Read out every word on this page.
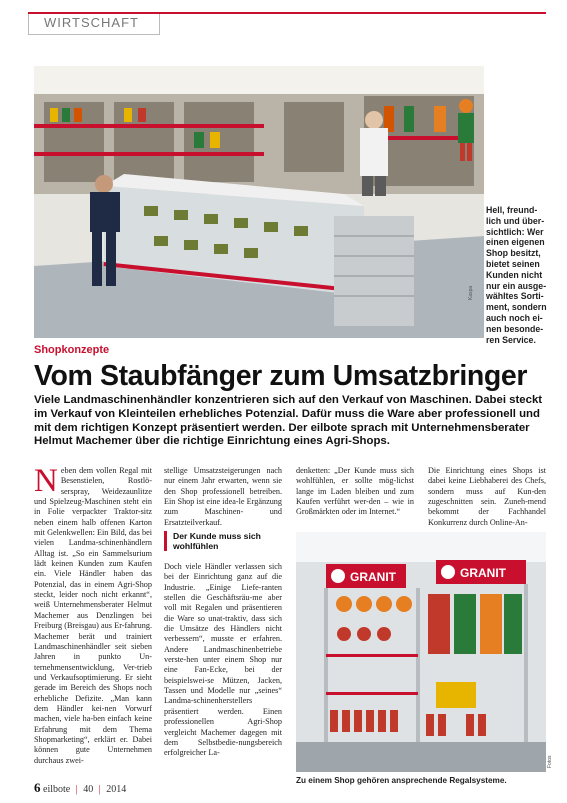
WIRTSCHAFT
Kaspa
Hell, freund-lich und über-sichtlich: Wer einen eigenen Shop besitzt, bietet seinen Kunden nicht nur ein ausge-wähltes Sorti-ment, sondern auch noch ei-nen besonde-ren Service.
Shopkonzepte
Vom Staubfänger zum Umsatzbringer
Viele Landmaschinenhändler konzentrieren sich auf den Verkauf von Maschinen. Dabei steckt im Verkauf von Kleinteilen erhebliches Potenzial. Dafür muss die Ware aber professionell und mit dem richtigen Konzept präsentiert werden. Der eilbote sprach mit Unternehmensberater Helmut Machemer über die richtige Einrichtung eines Agri-Shops.
N eben dem vollen Regal mit Besenstielen, Rostlö-serspray, Weidezaunlitze und Spielzeug-Maschinen steht ein in Folie verpackter Traktor-sitz neben einem halb offenen Karton mit Gelenkwellen: Ein Bild, das bei vielen Landma-schinenhändlern Alltag ist. „So ein Sammelsurium lädt keinen Kunden zum Kaufen ein. Viele Händler haben das Potenzial, das in einem Agri-Shop steckt, leider noch nicht erkannt“, weiß Unternehmensberater Helmut Machemer aus Denzlingen bei Freiburg (Breisgau) aus Er-fahrung. Machemer berät und trainiert Landmaschinenhändler seit sieben Jahren in punkto Un-ternehmensentwicklung, Ver-trieb und Verkaufsoptimierung. Er sieht gerade im Bereich des Shops noch erhebliche Defizite. „Man kann dem Händler kei-nen Vorwurf machen, viele ha-ben einfach keine Erfahrung mit dem Thema Shopmarketing“, erklärt er. Dabei können gute Unternehmen durchaus zwei-

stellige Umsatzsteigerungen nach nur einem Jahr erwarten, wenn sie den Shop professionell betreiben. Ein Shop ist eine idea-le Ergänzung zum Maschinen- und Ersatzteilverkauf.

Der Kunde muss sich wohlfühlen

Doch viele Händler verlassen sich bei der Einrichtung ganz auf die Industrie. „Einige Liefe-ranten stellen die Geschäftsräu-me aber voll mit Regalen und präsentieren die Ware so unat-traktiv, dass sich die Umsätze des Händlers nicht verbessern“, musste er erfahren. Andere Landmaschinenbetriebe verste-hen unter einem Shop nur eine Fan-Ecke, bei der beispielswei-se Mützen, Jacken, Tassen und Modelle nur „seines“ Landma-schinenherstellers präsentiert werden. Einen professionellen Agri-Shop vergleicht Machemer dagegen mit dem Selbstbedie-nungsbereich erfolgreicher La-

denketten: „Der Kunde muss sich wohlfühlen, er sollte mög-lichst lange im Laden bleiben und zum Kaufen verführt wer-den – wie in Großmärkten oder im Internet.“

Die Einrichtung eines Shops ist dabei keine Liebhaberei des Chefs, sondern muss auf Kun-den zugeschnitten sein. Zuneh-mend bekommt der Fachhandel Konkurrenz durch Online-An-

GRANIT	GRANIT
Fotos
Zu einem Shop gehören ansprechende Regalsysteme.
6 eilbote | 40 | 2014
